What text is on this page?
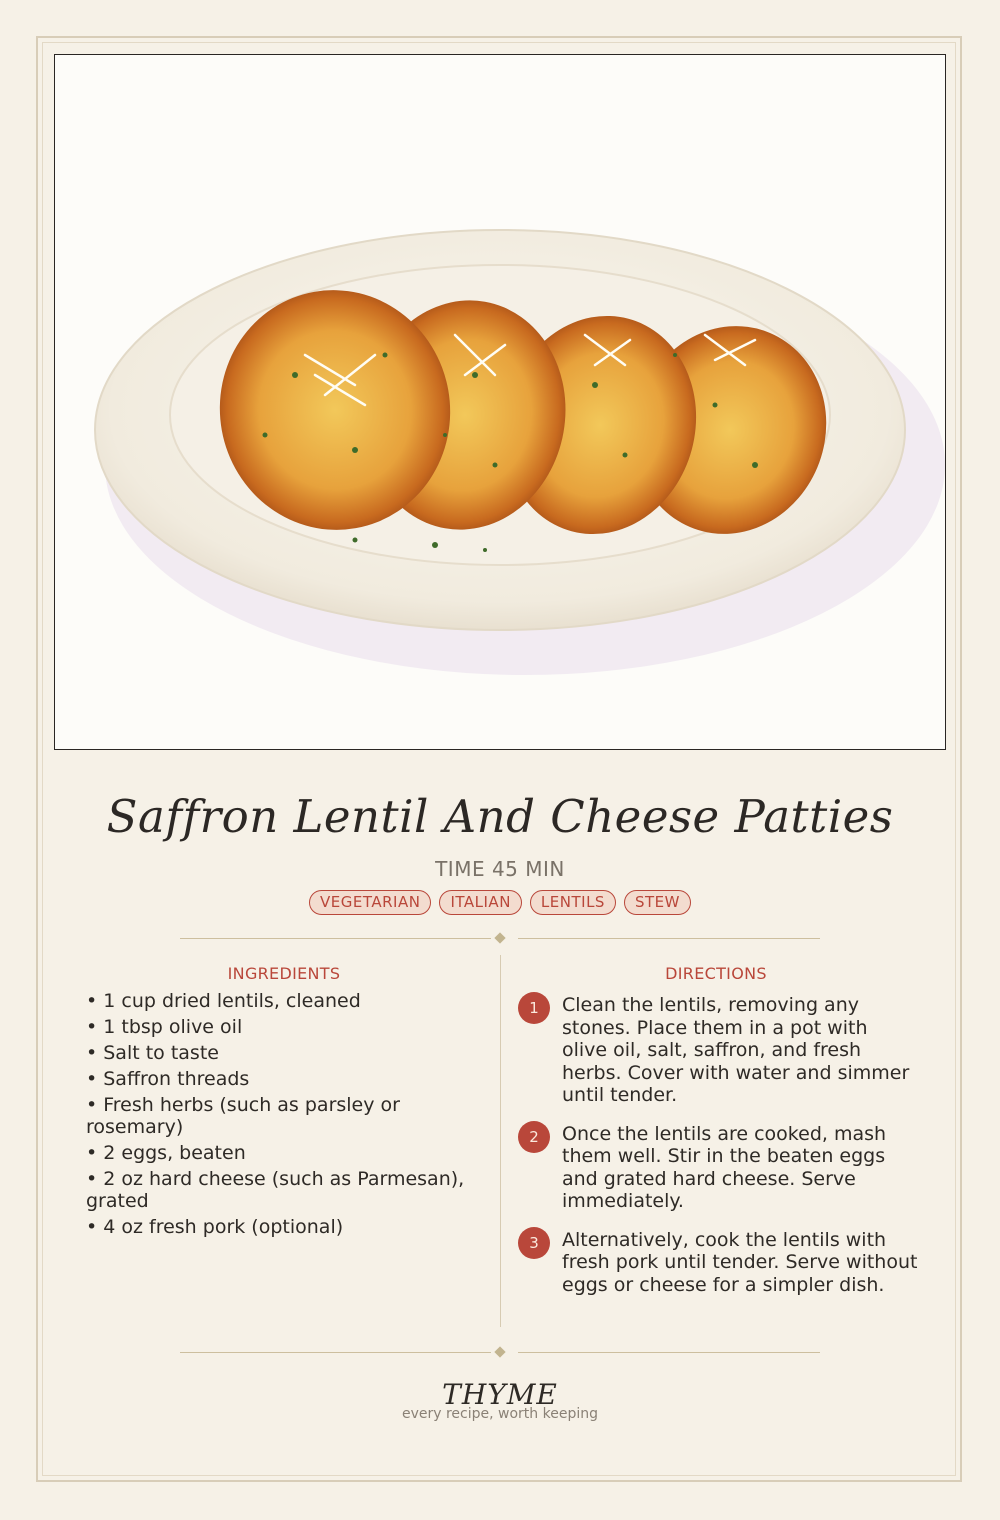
Saffron Lentil And Cheese Patties
TIME 45 MIN
VEGETARIAN	ITALIAN	LENTILS	STEW
INGREDIENTS	DIRECTIONS
• 1 cup dried lentils, cleaned
• 1 tbsp olive oil
• Salt to taste
• Saffron threads
• Fresh herbs (such as parsley or rosemary)
• 2 eggs, beaten
• 2 oz hard cheese (such as Parmesan), grated
• 4 oz fresh pork (optional)
1	Clean the lentils, removing any stones. Place them in a pot with olive oil, salt, saffron, and fresh herbs. Cover with water and simmer until tender.
2	Once the lentils are cooked, mash them well. Stir in the beaten eggs and grated hard cheese. Serve immediately.
3	Alternatively, cook the lentils with fresh pork until tender. Serve without eggs or cheese for a simpler dish.
THYME
every recipe, worth keeping
